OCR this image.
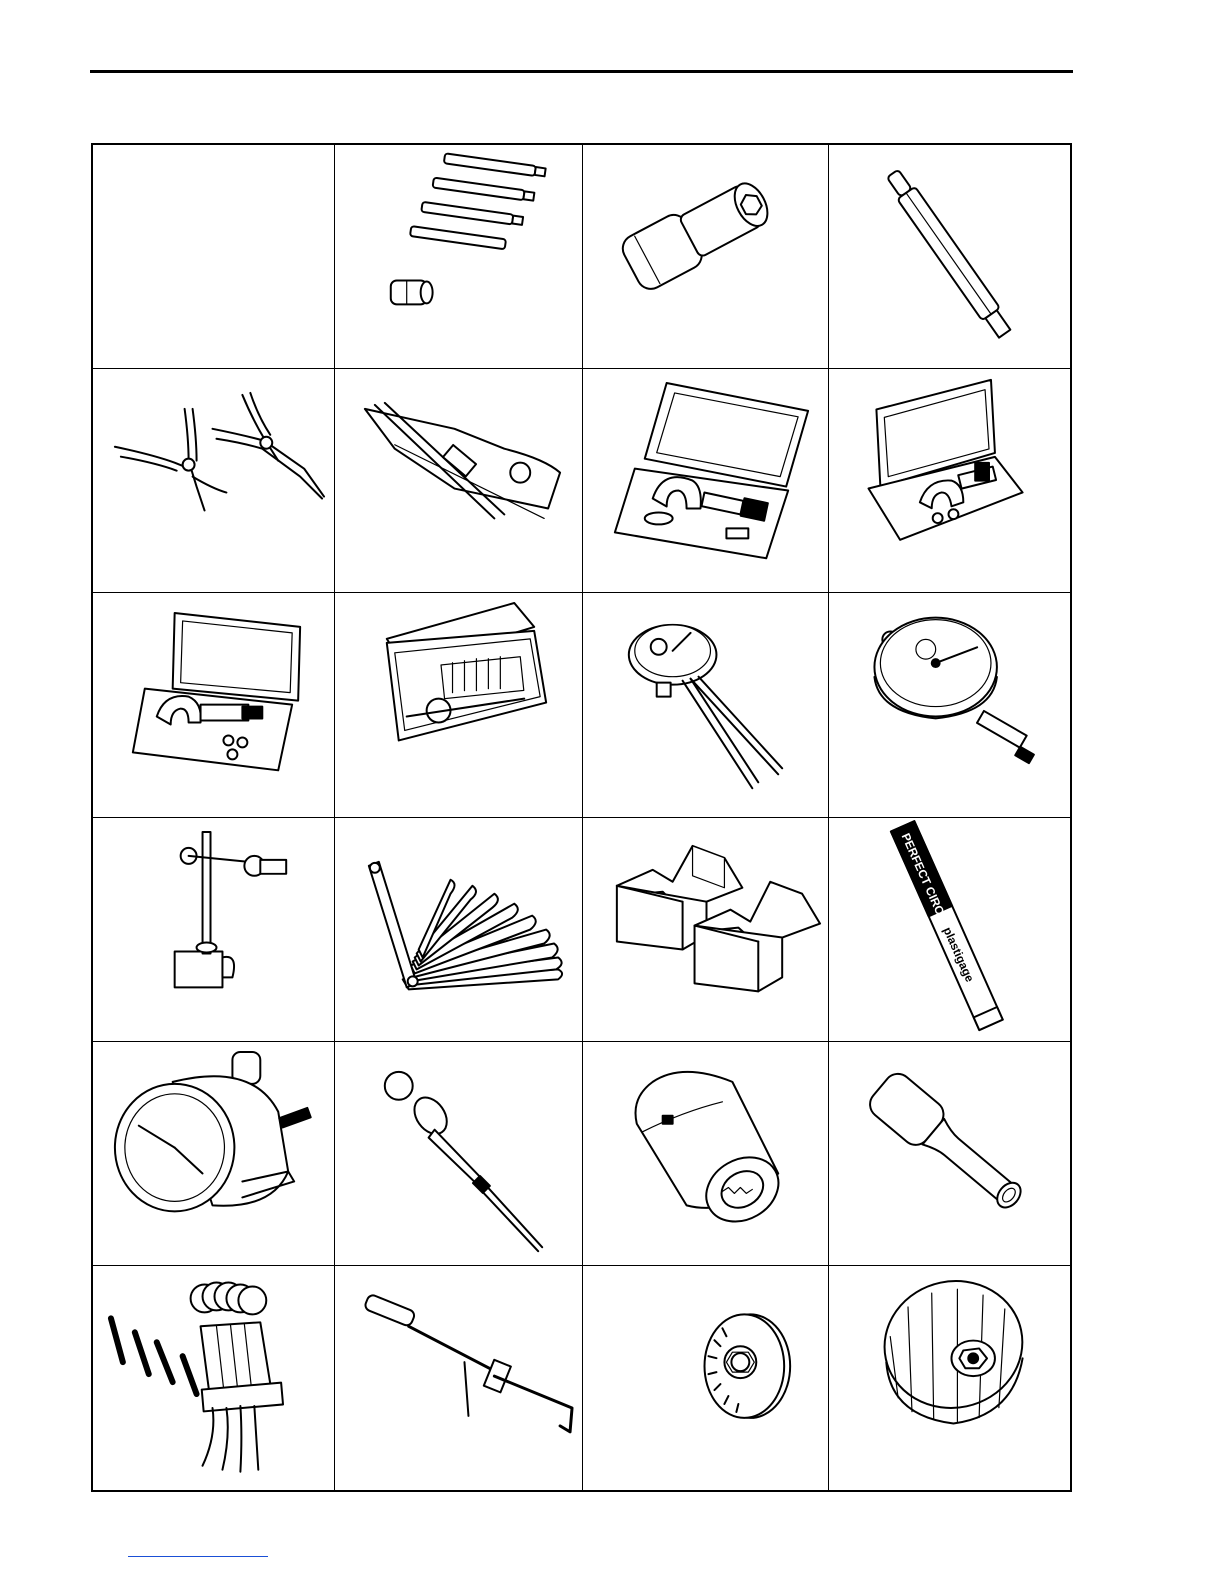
PERFECT CIRCLE
plastigage
